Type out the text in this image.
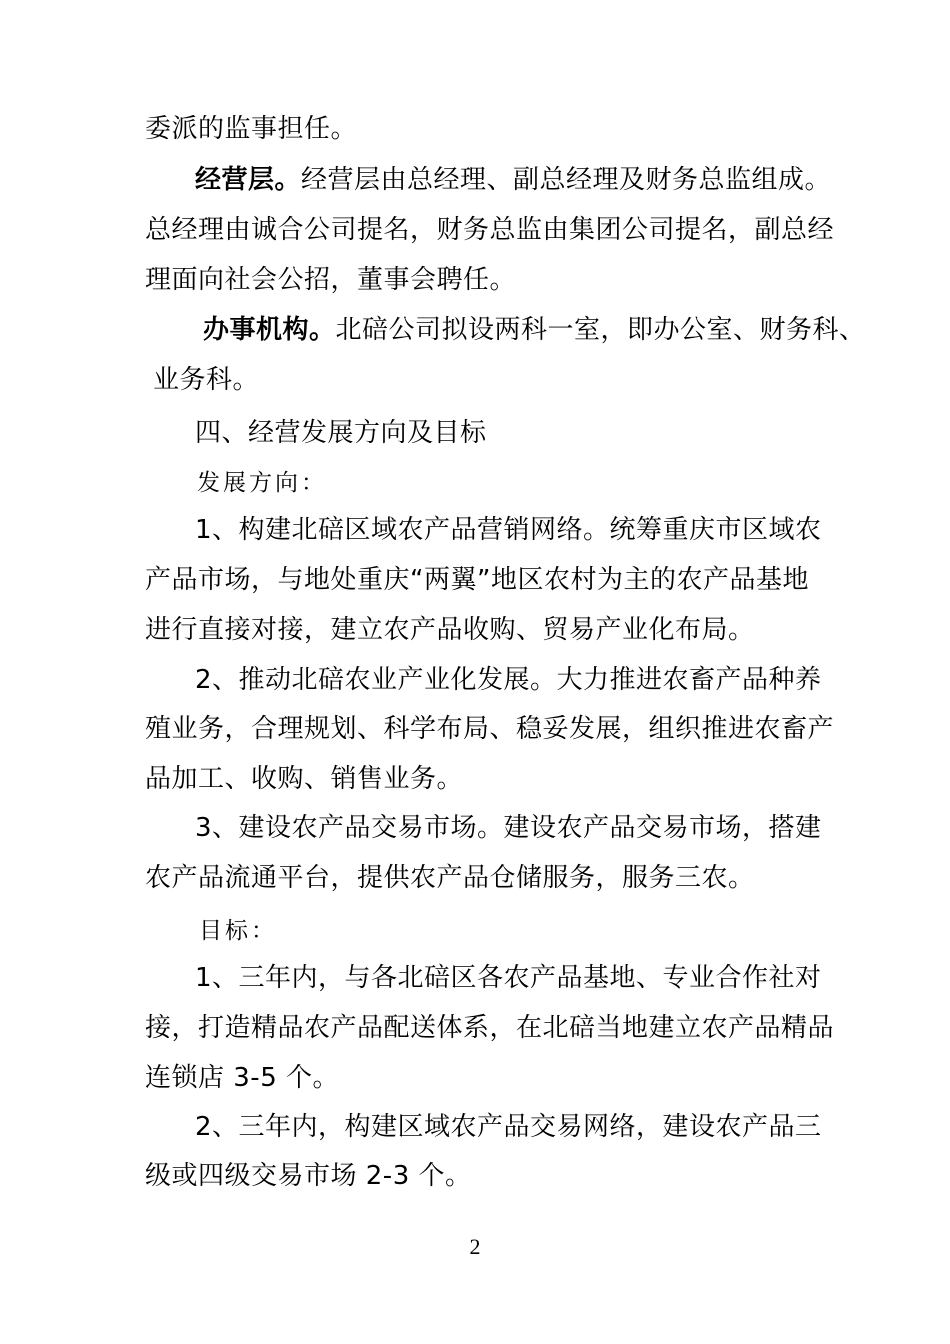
委派的监事担任。
经营层。经营层由总经理、副总经理及财务总监组成。
总经理由诚合公司提名，财务总监由集团公司提名，副总经
理面向社会公招，董事会聘任。
办事机构。北碚公司拟设两科一室，即办公室、财务科、
业务科。
四、经营发展方向及目标
发展方向：
1、构建北碚区域农产品营销网络。统筹重庆市区域农
产品市场，与地处重庆“两翼”地区农村为主的农产品基地
进行直接对接，建立农产品收购、贸易产业化布局。
2、推动北碚农业产业化发展。大力推进农畜产品种养
殖业务，合理规划、科学布局、稳妥发展，组织推进农畜产
品加工、收购、销售业务。
3、建设农产品交易市场。建设农产品交易市场，搭建
农产品流通平台，提供农产品仓储服务，服务三农。
目标：
1、三年内，与各北碚区各农产品基地、专业合作社对
接，打造精品农产品配送体系，在北碚当地建立农产品精品
连锁店 3-5 个。
2、三年内，构建区域农产品交易网络，建设农产品三
级或四级交易市场 2-3 个。
2
